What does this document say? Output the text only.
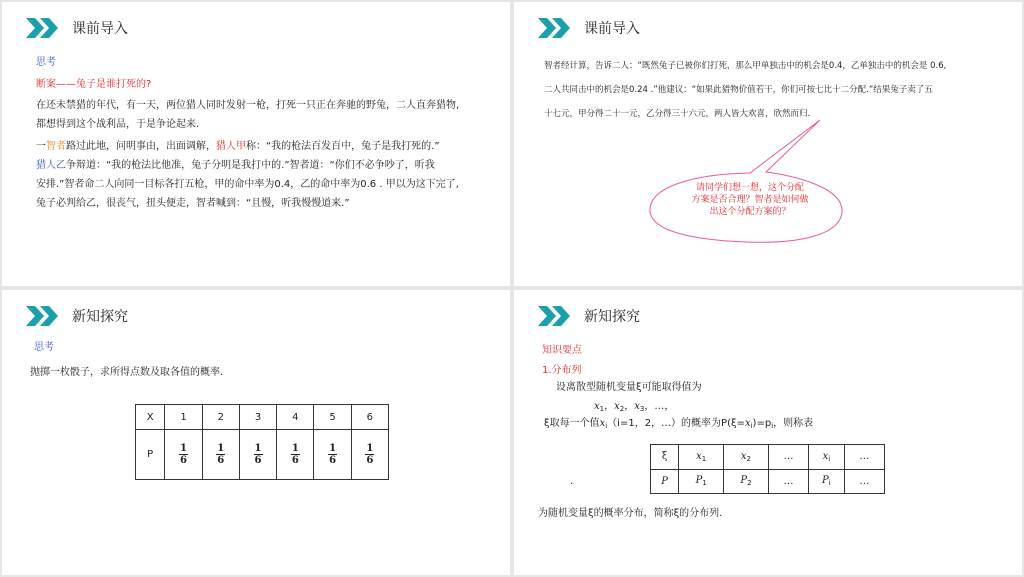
课前导入
思考
断案——兔子是谁打死的?
在还未禁猎的年代，有一天，两位猎人同时发射一枪，打死一只正在奔驰的野兔，二人直奔猎物,
都想得到这个战利品，于是争论起来.
一智者路过此地，问明事由，出面调解，猎人甲称：“我的枪法百发百中，兔子是我打死的.”
猎人乙争辩道：“我的枪法比他准，兔子分明是我打中的.”智者道：“你们不必争吵了，听我
安排.”智者命二人向同一目标各打五枪，甲的命中率为0.4，乙的命中率为0.6 . 甲以为这下完了,
兔子必判给乙，很丧气，扭头便走，智者喊到：“且慢，听我慢慢道来.”
课前导入
智者经计算，告诉二人：“既然兔子已被你们打死，那么甲单独击中的机会是0.4，乙单独击中的机会是 0.6,
二人共同击中的机会是0.24 .”他建议：“如果此猎物价值若干，你们可按七比十二分配.”结果兔子卖了五
十七元，甲分得二十一元，乙分得三十六元，两人皆大欢喜，欣然而归.
请同学们想一想，这个分配
方案是否合理？智者是如何做
出这个分配方案的？
新知探究
思考
抛掷一枚骰子，求所得点数及取各值的概率.
X	1	2	3	4	5	6
P	$\frac{1}{6}$	$\frac{1}{6}$	$\frac{1}{6}$	$\frac{1}{6}$	$\frac{1}{6}$	$\frac{1}{6}$
新知探究
知识要点
1.分布列
设离散型随机变量ξ可能取得值为
$x_1$，$x_2$，$x_3$，…，
ξ取每一个值$x_i(i=1$，2，…）的概率为$P(\xi=x_i)=p_i$，则称表
.
ξ	$x_1$	$x_2$	…	$x_i$	…
P	$P_1$	$P_2$	…	$P_i$	…
为随机变量ξ的概率分布，简称ξ的分布列.
